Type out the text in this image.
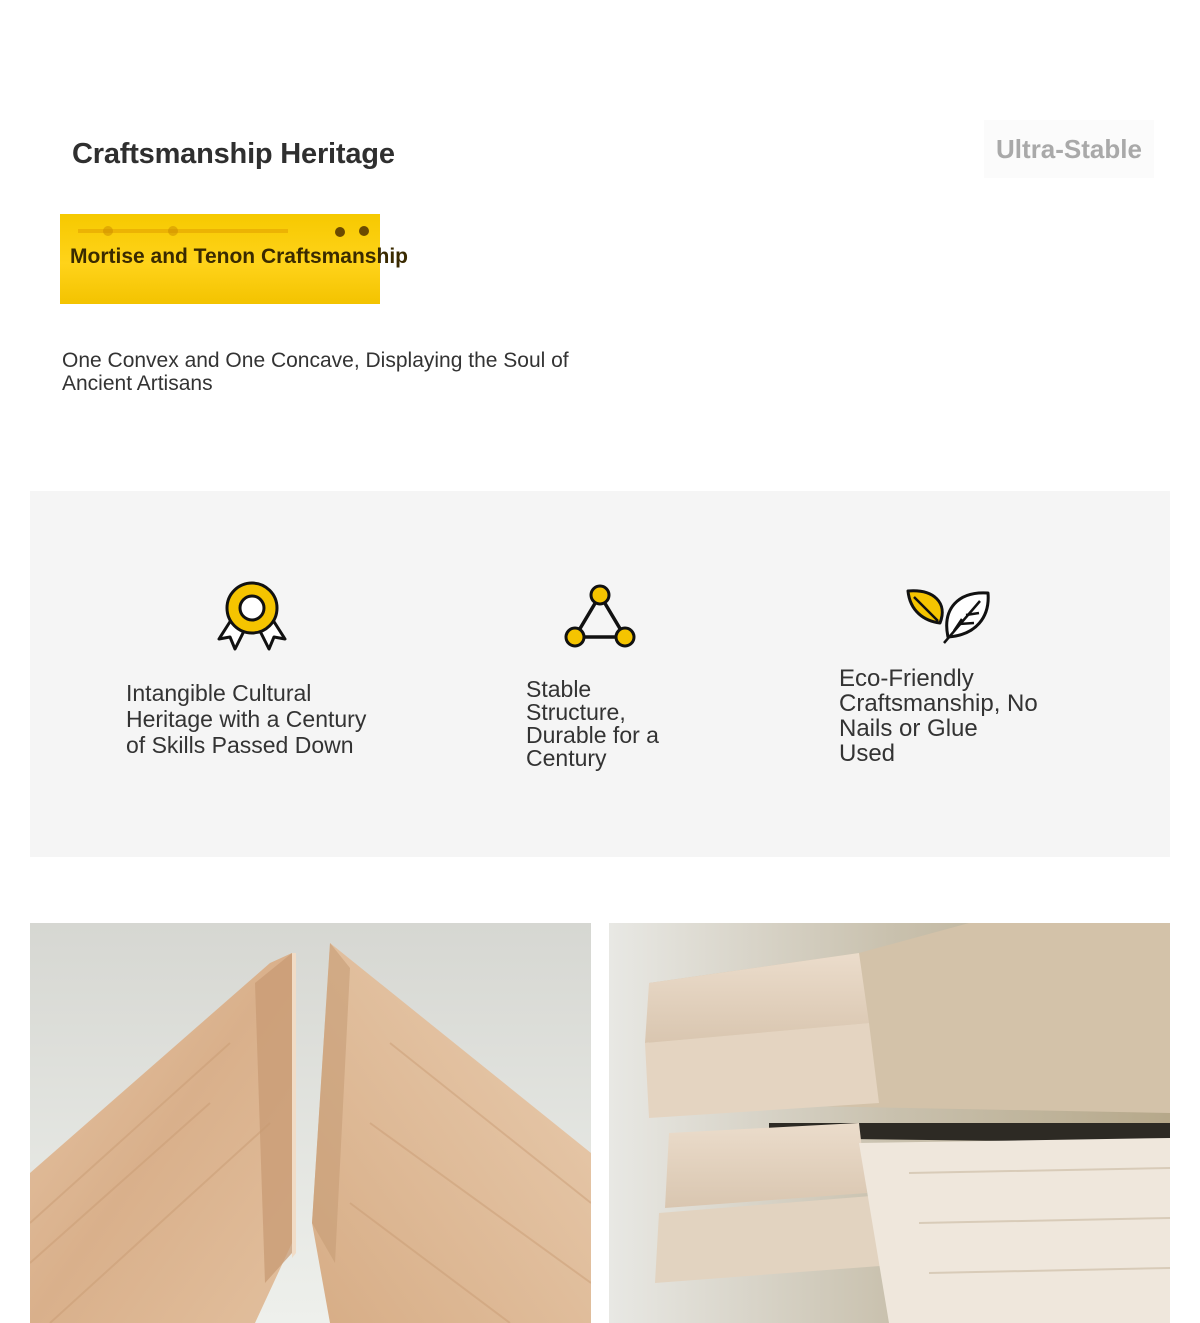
Craftsmanship Heritage	Ultra-Stable
Mortise and Tenon Craftsmanship
One Convex and One Concave, Displaying the Soul of Ancient Artisans
Intangible Cultural Heritage with a Century of Skills Passed Down
Stable Structure, Durable for a Century
Eco-Friendly Craftsmanship, No Nails or Glue Used
